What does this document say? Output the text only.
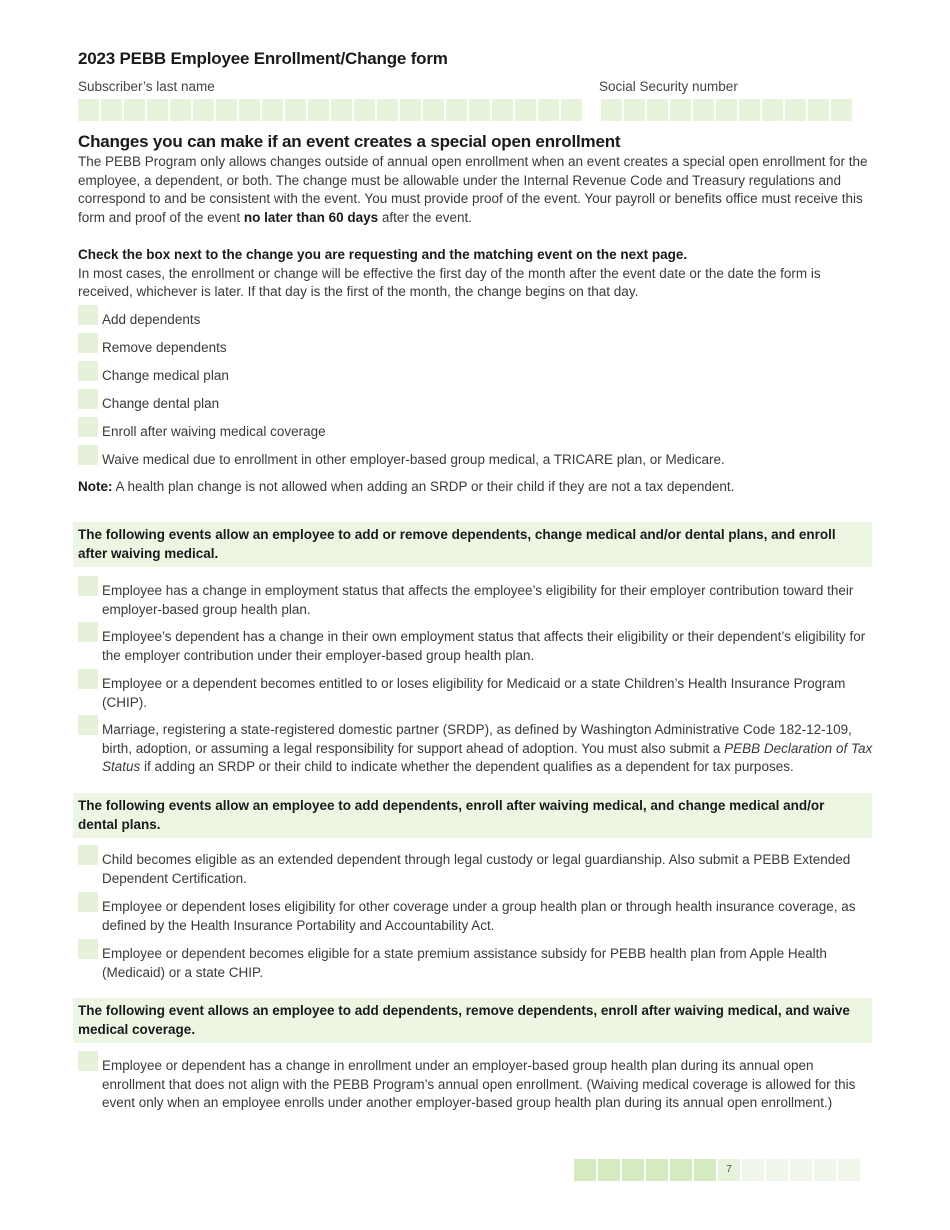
2023 PEBB Employee Enrollment/Change form
Subscriber’s last name	Social Security number
Changes you can make if an event creates a special open enrollment
The PEBB Program only allows changes outside of annual open enrollment when an event creates a special open enrollment for the employee, a dependent, or both. The change must be allowable under the Internal Revenue Code and Treasury regulations and correspond to and be consistent with the event. You must provide proof of the event. Your payroll or benefits office must receive this form and proof of the event no later than 60 days after the event.
Check the box next to the change you are requesting and the matching event on the next page.
In most cases, the enrollment or change will be effective the first day of the month after the event date or the date the form is received, whichever is later. If that day is the first of the month, the change begins on that day.
Add dependents
Remove dependents
Change medical plan
Change dental plan
Enroll after waiving medical coverage
Waive medical due to enrollment in other employer-based group medical, a TRICARE plan, or Medicare.
Note: A health plan change is not allowed when adding an SRDP or their child if they are not a tax dependent.
The following events allow an employee to add or remove dependents, change medical and/or dental plans, and enroll after waiving medical.
Employee has a change in employment status that affects the employee’s eligibility for their employer contribution toward their employer-based group health plan.
Employee’s dependent has a change in their own employment status that affects their eligibility or their dependent’s eligibility for the employer contribution under their employer-based group health plan.
Employee or a dependent becomes entitled to or loses eligibility for Medicaid or a state Children’s Health Insurance Program (CHIP).
Marriage, registering a state-registered domestic partner (SRDP), as defined by Washington Administrative Code 182-12-109, birth, adoption, or assuming a legal responsibility for support ahead of adoption. You must also submit a PEBB Declaration of Tax Status if adding an SRDP or their child to indicate whether the dependent qualifies as a dependent for tax purposes.
The following events allow an employee to add dependents, enroll after waiving medical, and change medical and/or dental plans.
Child becomes eligible as an extended dependent through legal custody or legal guardianship. Also submit a PEBB Extended Dependent Certification.
Employee or dependent loses eligibility for other coverage under a group health plan or through health insurance coverage, as defined by the Health Insurance Portability and Accountability Act.
Employee or dependent becomes eligible for a state premium assistance subsidy for PEBB health plan from Apple Health (Medicaid) or a state CHIP.
The following event allows an employee to add dependents, remove dependents, enroll after waiving medical, and waive medical coverage.
Employee or dependent has a change in enrollment under an employer-based group health plan during its annual open enrollment that does not align with the PEBB Program’s annual open enrollment. (Waiving medical coverage is allowed for this event only when an employee enrolls under another employer-based group health plan during its annual open enrollment.)
7
